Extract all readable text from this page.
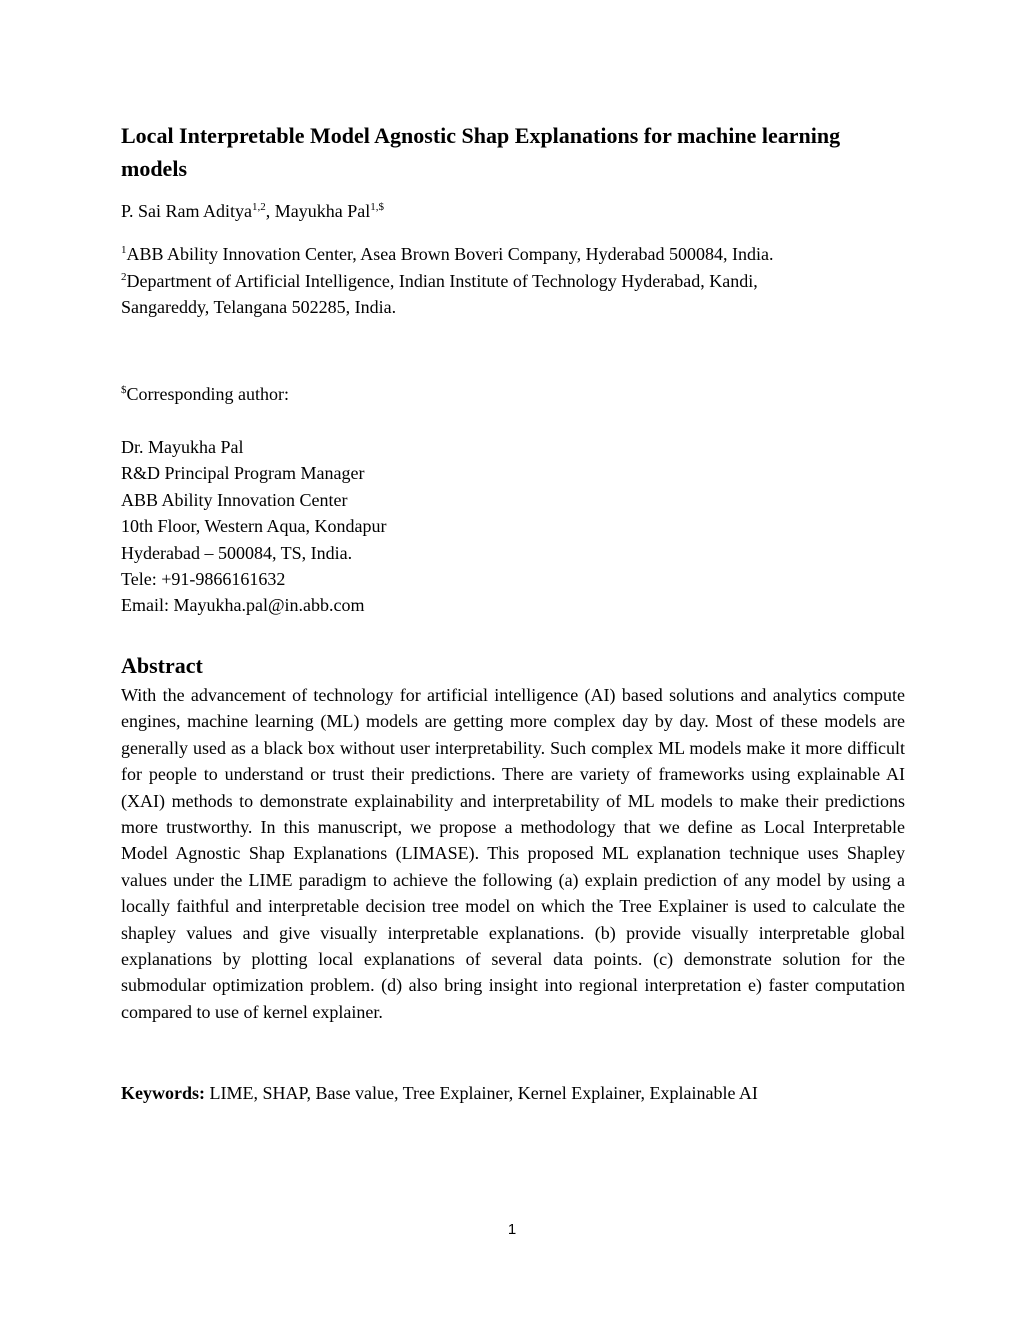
Local Interpretable Model Agnostic Shap Explanations for machine learning models
P. Sai Ram Aditya$^{1,2}$, Mayukha Pal$^{1,\$}$
$^1$ABB Ability Innovation Center, Asea Brown Boveri Company, Hyderabad 500084, India.
$^2$Department of Artificial Intelligence, Indian Institute of Technology Hyderabad, Kandi,
Sangareddy, Telangana 502285, India.
$Corresponding author:
Dr. Mayukha Pal
R&D Principal Program Manager
ABB Ability Innovation Center
10th Floor, Western Aqua, Kondapur
Hyderabad – 500084, TS, India.
Tele: +91-9866161632
Email: Mayukha.pal@in.abb.com
Abstract

With the advancement of technology for artificial intelligence (AI) based solutions and analytics compute engines, machine learning (ML) models are getting more complex day by day. Most of these models are generally used as a black box without user interpretability. Such complex ML models make it more difficult for people to understand or trust their predictions. There are variety of frameworks using explainable AI (XAI) methods to demonstrate explainability and interpretability of ML models to make their predictions more trustworthy. In this manuscript, we propose a methodology that we define as Local Interpretable Model Agnostic Shap Explanations (LIMASE). This proposed ML explanation technique uses Shapley values under the LIME paradigm to achieve the following (a) explain prediction of any model by using a locally faithful and interpretable decision tree model on which the Tree Explainer is used to calculate the shapley values and give visually interpretable explanations. (b) provide visually interpretable global explanations by plotting local explanations of several data points. (c) demonstrate solution for the submodular optimization problem. (d) also bring insight into regional interpretation e) faster computation compared to use of kernel explainer.

Keywords: LIME, SHAP, Base value, Tree Explainer, Kernel Explainer, Explainable AI
1
